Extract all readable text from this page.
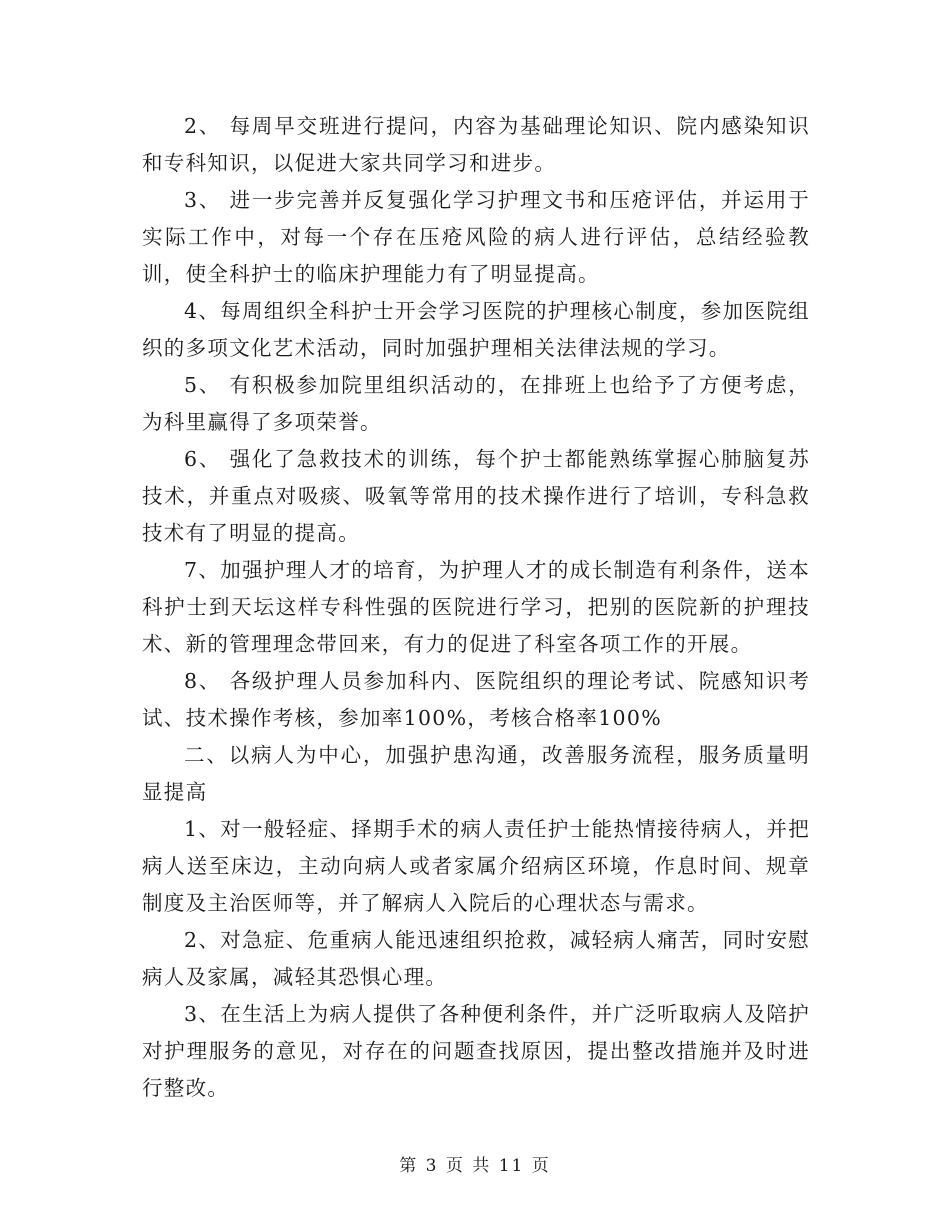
2、 每周早交班进行提问，内容为基础理论知识、院内感染知识和专科知识，以促进大家共同学习和进步。

3、 进一步完善并反复强化学习护理文书和压疮评估，并运用于实际工作中，对每一个存在压疮风险的病人进行评估，总结经验教训，使全科护士的临床护理能力有了明显提高。

4、每周组织全科护士开会学习医院的护理核心制度，参加医院组织的多项文化艺术活动，同时加强护理相关法律法规的学习。

5、 有积极参加院里组织活动的，在排班上也给予了方便考虑，为科里赢得了多项荣誉。

6、 强化了急救技术的训练，每个护士都能熟练掌握心肺脑复苏技术，并重点对吸痰、吸氧等常用的技术操作进行了培训，专科急救技术有了明显的提高。

7、加强护理人才的培育，为护理人才的成长制造有利条件，送本科护士到天坛这样专科性强的医院进行学习，把别的医院新的护理技术、新的管理理念带回来，有力的促进了科室各项工作的开展。

8、 各级护理人员参加科内、医院组织的理论考试、院感知识考试、技术操作考核，参加率100%，考核合格率100%

二、以病人为中心，加强护患沟通，改善服务流程，服务质量明显提高

1、对一般轻症、择期手术的病人责任护士能热情接待病人，并把病人送至床边，主动向病人或者家属介绍病区环境，作息时间、规章制度及主治医师等，并了解病人入院后的心理状态与需求。

2、对急症、危重病人能迅速组织抢救，减轻病人痛苦，同时安慰病人及家属，减轻其恐惧心理。

3、在生活上为病人提供了各种便利条件，并广泛听取病人及陪护对护理服务的意见，对存在的问题查找原因，提出整改措施并及时进行整改。

第 3 页 共 11 页
